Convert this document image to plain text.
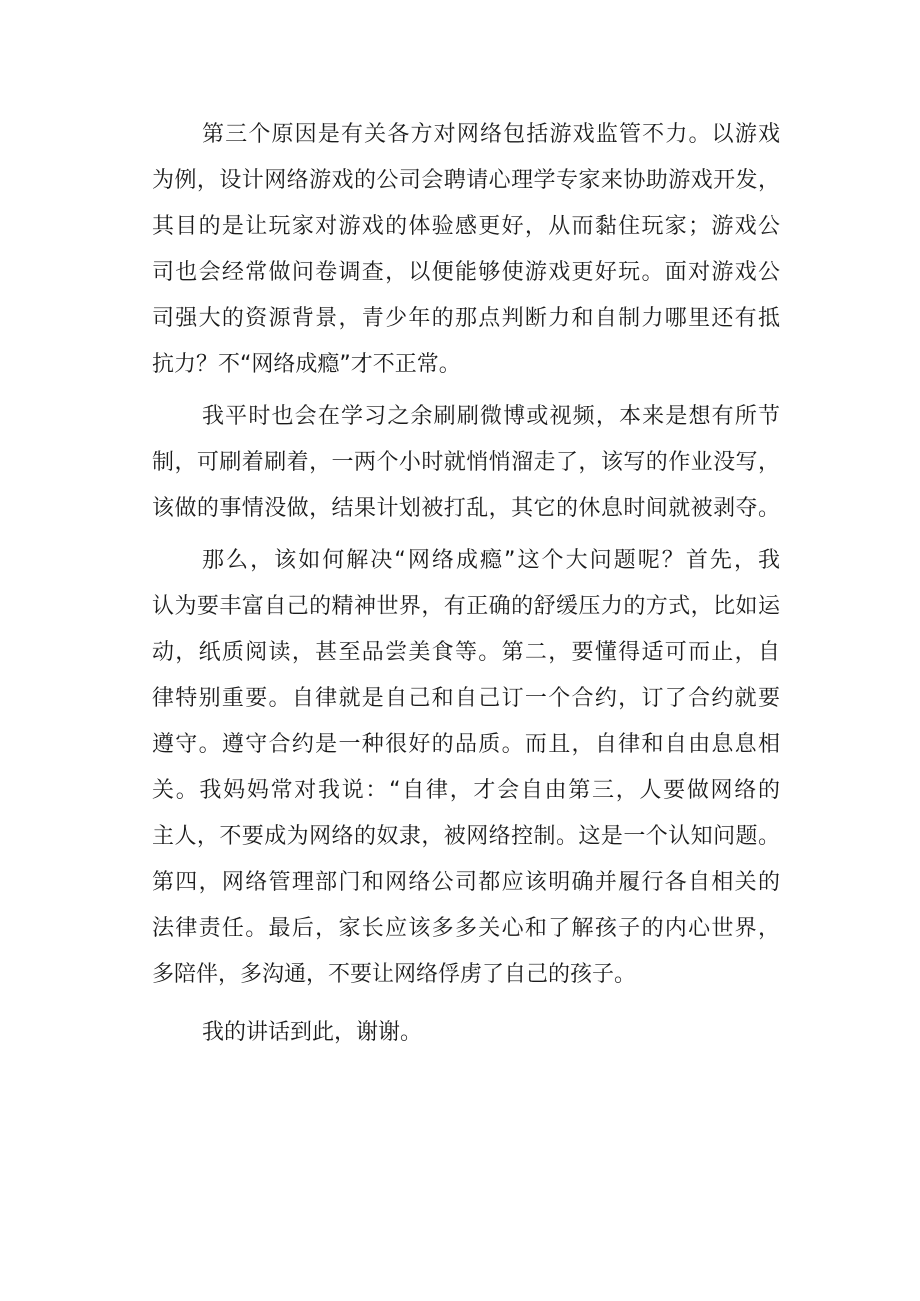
第三个原因是有关各方对网络包括游戏监管不力。以游戏
为例，设计网络游戏的公司会聘请心理学专家来协助游戏开发，
其目的是让玩家对游戏的体验感更好，从而黏住玩家；游戏公
司也会经常做问卷调查，以便能够使游戏更好玩。面对游戏公
司强大的资源背景，青少年的那点判断力和自制力哪里还有抵
抗力？不“网络成瘾”才不正常。
我平时也会在学习之余刷刷微博或视频，本来是想有所节
制，可刷着刷着，一两个小时就悄悄溜走了，该写的作业没写，
该做的事情没做，结果计划被打乱，其它的休息时间就被剥夺。
那么，该如何解决“网络成瘾”这个大问题呢？首先，我
认为要丰富自己的精神世界，有正确的舒缓压力的方式，比如运
动，纸质阅读，甚至品尝美食等。第二，要懂得适可而止，自
律特别重要。自律就是自己和自己订一个合约，订了合约就要
遵守。遵守合约是一种很好的品质。而且，自律和自由息息相
关。我妈妈常对我说：“自律，才会自由第三，人要做网络的
主人，不要成为网络的奴隶，被网络控制。这是一个认知问题。
第四，网络管理部门和网络公司都应该明确并履行各自相关的
法律责任。最后，家长应该多多关心和了解孩子的内心世界，
多陪伴，多沟通，不要让网络俘虏了自己的孩子。
我的讲话到此，谢谢。
